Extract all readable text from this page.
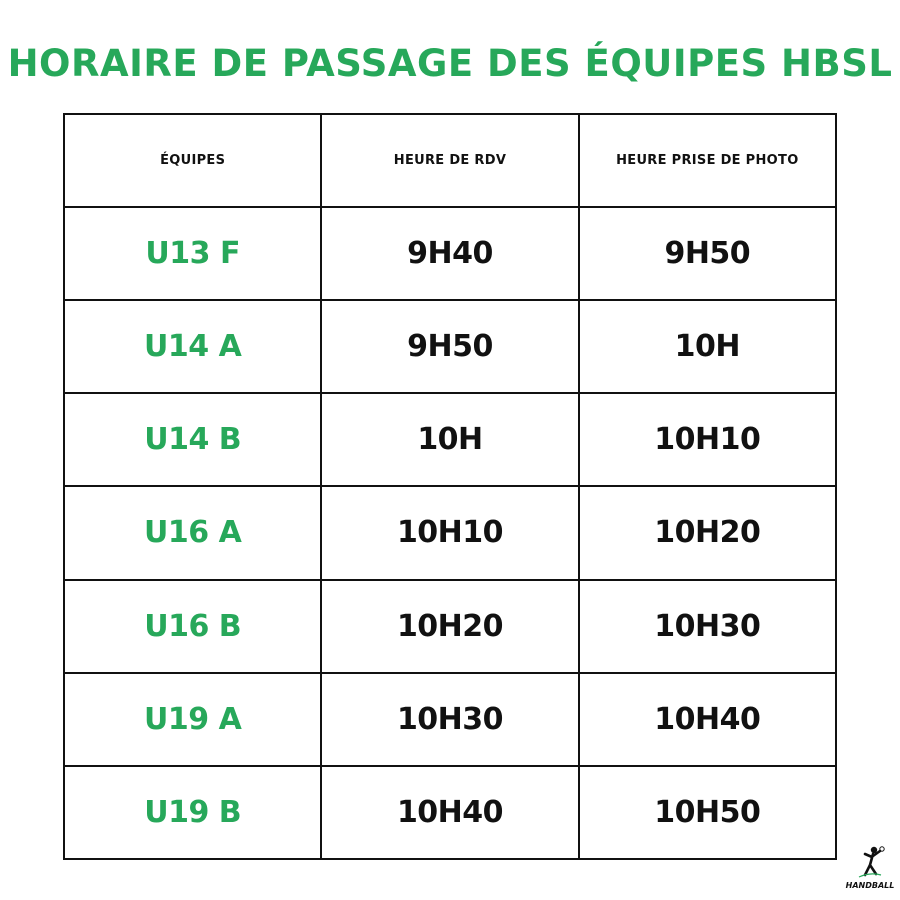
HORAIRE DE PASSAGE DES ÉQUIPES HBSL
ÉQUIPES	HEURE DE RDV	HEURE PRISE DE PHOTO
U13 F	9H40	9H50
U14 A	9H50	10H
U14 B	10H	10H10
U16 A	10H10	10H20
U16 B	10H20	10H30
U19 A	10H30	10H40
U19 B	10H40	10H50
HANDBALL
